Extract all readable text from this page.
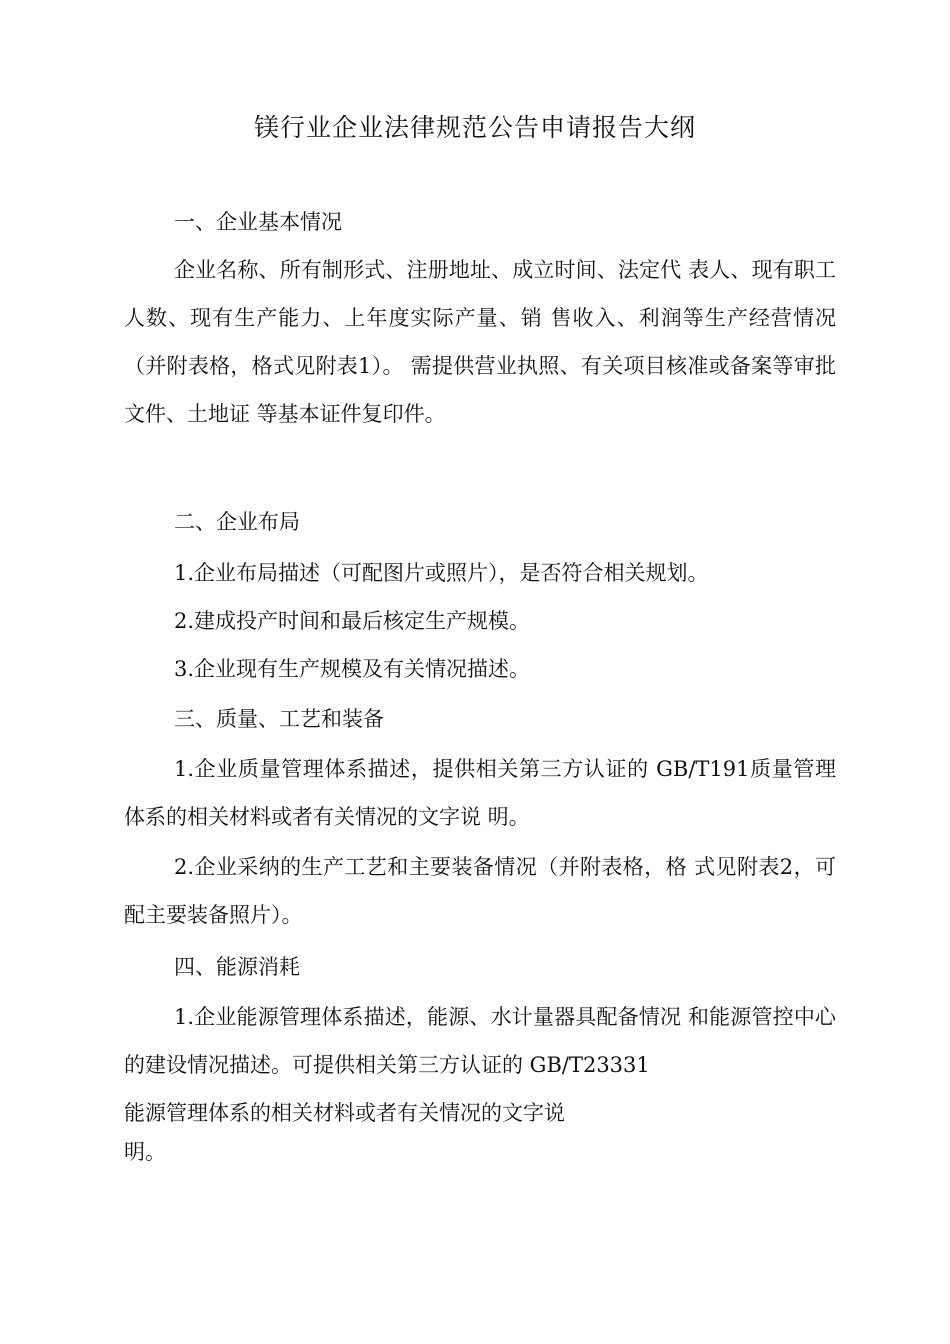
镁行业企业法律规范公告申请报告大纲

一、企业基本情况

企业名称、所有制形式、注册地址、成立时间、法定代 表人、现有职工人数、现有生产能力、上年度实际产量、销 售收入、利润等生产经营情况（并附表格，格式见附表1）。 需提供营业执照、有关项目核准或备案等审批文件、土地证 等基本证件复印件。

二、企业布局

1.企业布局描述（可配图片或照片），是否符合相关规划。

2.建成投产时间和最后核定生产规模。

3.企业现有生产规模及有关情况描述。

三、质量、工艺和装备

1.企业质量管理体系描述，提供相关第三方认证的 GB/T191质量管理体系的相关材料或者有关情况的文字说 明。

2.企业采纳的生产工艺和主要装备情况（并附表格，格 式见附表2，可配主要装备照片）。

四、能源消耗

1.企业能源管理体系描述，能源、水计量器具配备情况 和能源管控中心的建设情况描述。可提供相关第三方认证的 GB/T23331

能源管理体系的相关材料或者有关情况的文字说

明。
